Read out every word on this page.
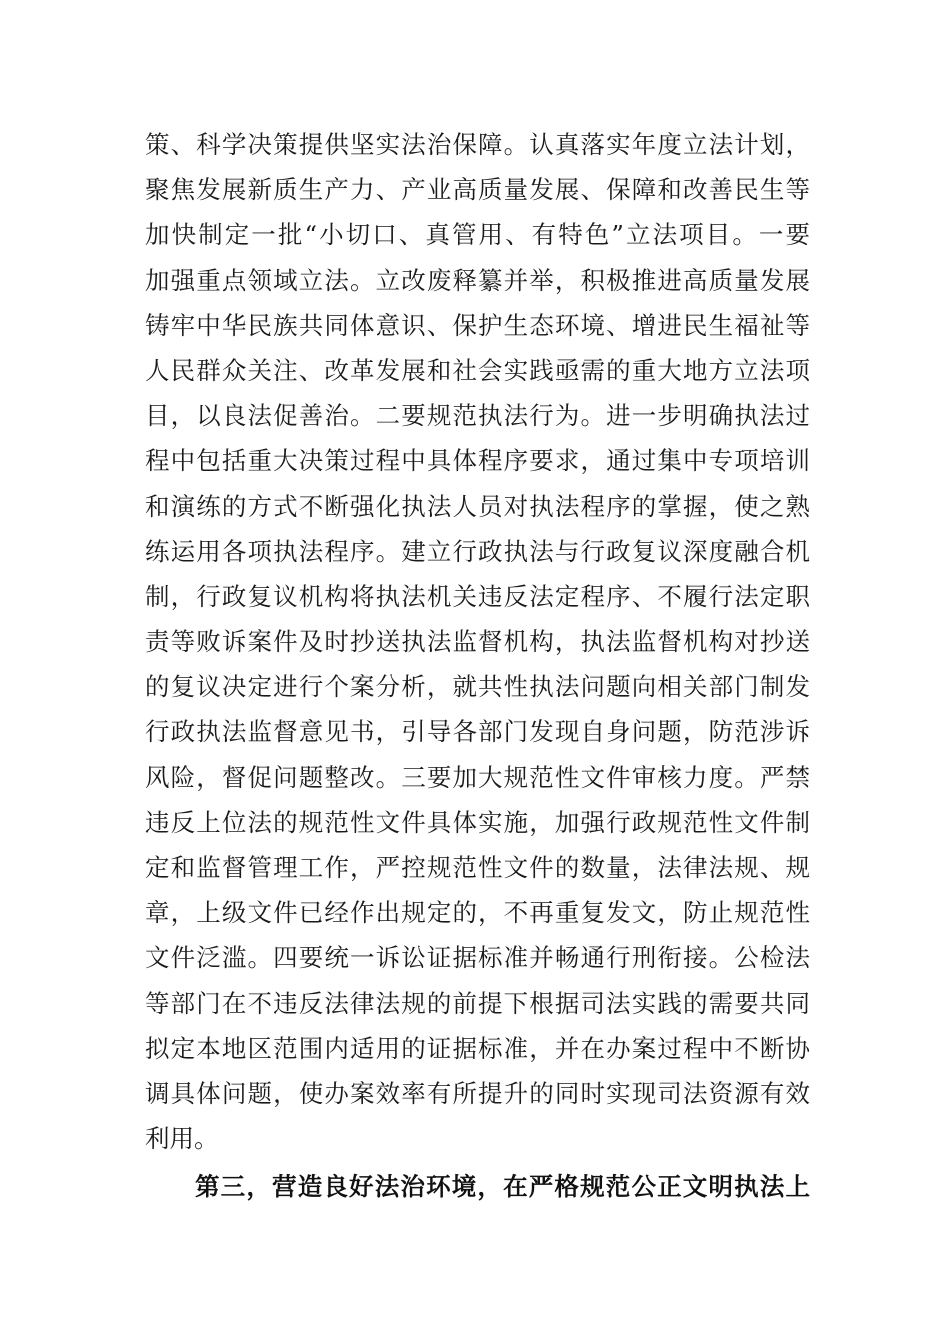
策、科学决策提供坚实法治保障。认真落实年度立法计划，
聚焦发展新质生产力、产业高质量发展、保障和改善民生等
加快制定一批“小切口、真管用、有特色”立法项目。一要
加强重点领域立法。立改废释纂并举，积极推进高质量发展
铸牢中华民族共同体意识、保护生态环境、增进民生福祉等
人民群众关注、改革发展和社会实践亟需的重大地方立法项
目，以良法促善治。二要规范执法行为。进一步明确执法过
程中包括重大决策过程中具体程序要求，通过集中专项培训
和演练的方式不断强化执法人员对执法程序的掌握，使之熟
练运用各项执法程序。建立行政执法与行政复议深度融合机
制，行政复议机构将执法机关违反法定程序、不履行法定职
责等败诉案件及时抄送执法监督机构，执法监督机构对抄送
的复议决定进行个案分析，就共性执法问题向相关部门制发
行政执法监督意见书，引导各部门发现自身问题，防范涉诉
风险，督促问题整改。三要加大规范性文件审核力度。严禁
违反上位法的规范性文件具体实施，加强行政规范性文件制
定和监督管理工作，严控规范性文件的数量，法律法规、规
章，上级文件已经作出规定的，不再重复发文，防止规范性
文件泛滥。四要统一诉讼证据标准并畅通行刑衔接。公检法
等部门在不违反法律法规的前提下根据司法实践的需要共同
拟定本地区范围内适用的证据标准，并在办案过程中不断协
调具体问题，使办案效率有所提升的同时实现司法资源有效
利用。
第三，营造良好法治环境，在严格规范公正文明执法上
